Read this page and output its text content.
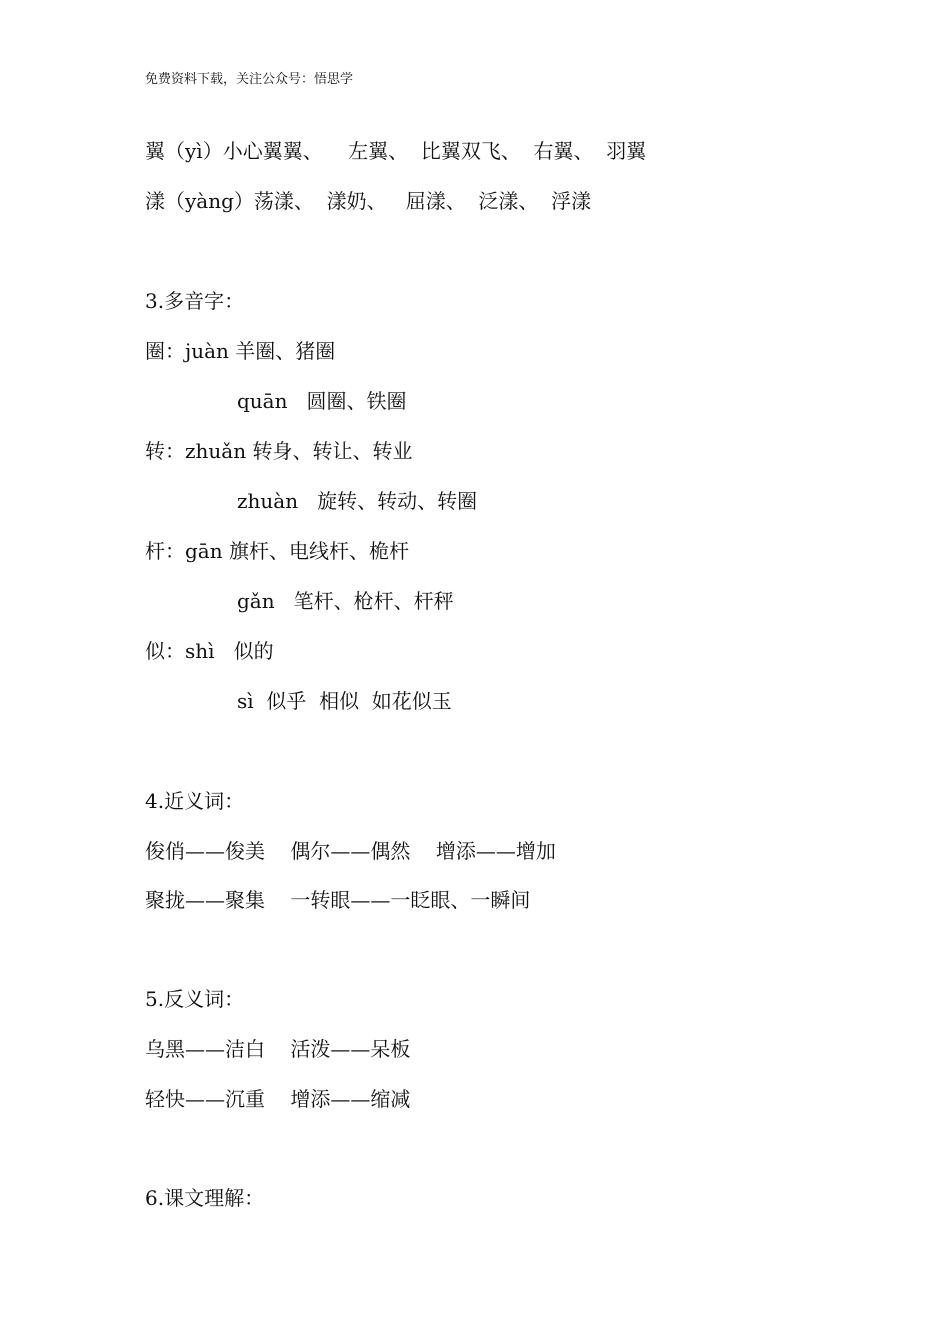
免费资料下载，关注公众号：悟思学
翼（yì）小心翼翼、    左翼、  比翼双飞、  右翼、  羽翼
漾（yàng）荡漾、  漾奶、   屈漾、  泛漾、  浮漾
3.多音字：
圈：juàn 羊圈、猪圈
quān   圆圈、铁圈
转：zhuǎn 转身、转让、转业
zhuàn   旋转、转动、转圈
杆：gān 旗杆、电线杆、桅杆
gǎn   笔杆、枪杆、杆秤
似：shì   似的
sì  似乎  相似  如花似玉
4.近义词：
俊俏——俊美    偶尔——偶然    增添——增加
聚拢——聚集    一转眼——一眨眼、一瞬间
5.反义词：
乌黑——洁白    活泼——呆板
轻快——沉重    增添——缩减
6.课文理解：
